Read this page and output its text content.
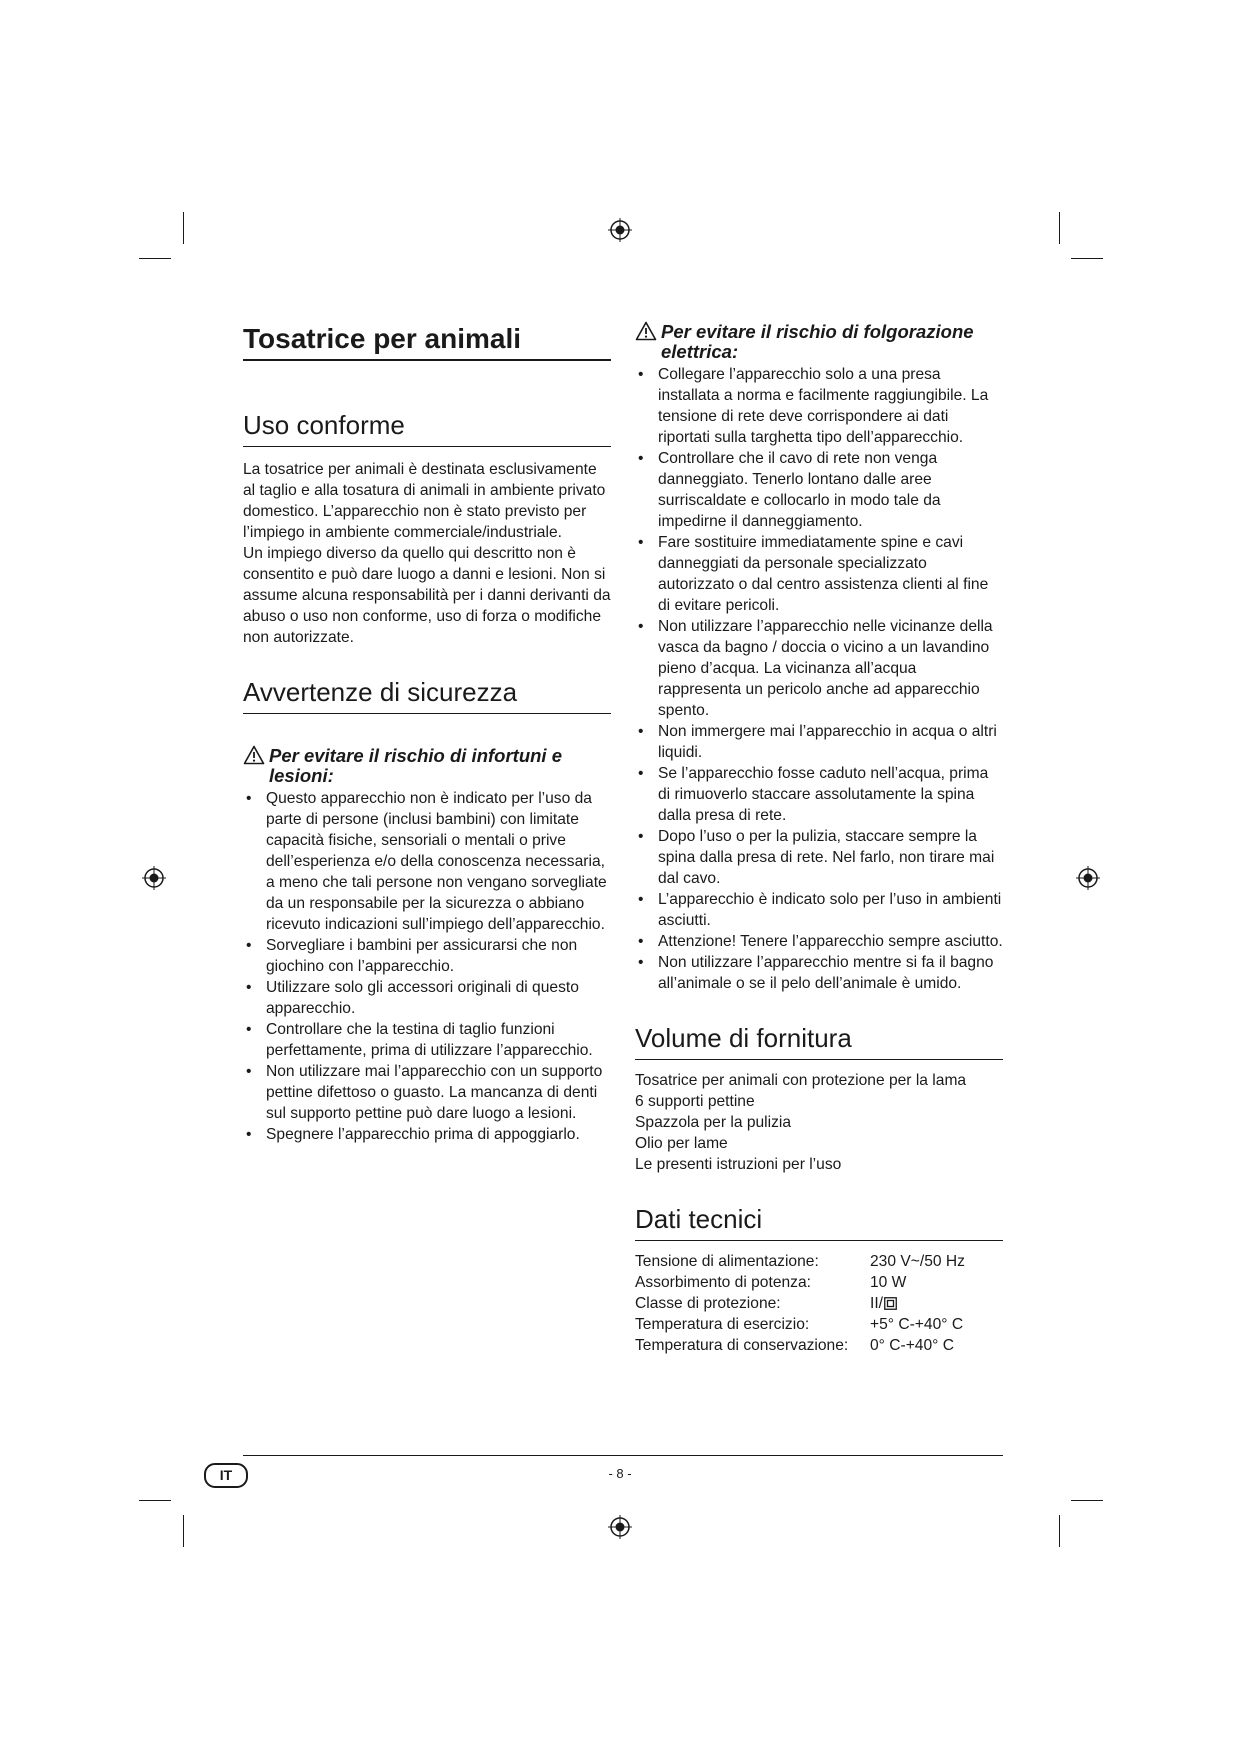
Tosatrice per animali
Uso conforme

La tosatrice per animali è destinata esclusivamente al taglio e alla tosatura di animali in ambiente privato domestico. L’apparecchio non è stato previsto per l’impiego in ambiente commerciale/industriale.

Un impiego diverso da quello qui descritto non è consentito e può dare luogo a danni e lesioni. Non si assume alcuna responsabilità per i danni derivanti da abuso o uso non conforme, uso di forza o modifiche non autorizzate.

Avvertenze di sicurezza
Per evitare il rischio di infortuni e lesioni:
• Questo apparecchio non è indicato per l’uso da parte di persone (inclusi bambini) con limitate capacità fisiche, sensoriali o mentali o prive dell’esperienza e/o della conoscenza necessaria, a meno che tali persone non vengano sorvegliate da un responsabile per la sicurezza o abbiano ricevuto indicazioni sull’impiego dell’apparecchio.
• Sorvegliare i bambini per assicurarsi che non giochino con l’apparecchio.
• Utilizzare solo gli accessori originali di questo apparecchio.
• Controllare che la testina di taglio funzioni perfettamente, prima di utilizzare l’apparecchio.
• Non utilizzare mai l’apparecchio con un supporto pettine difettoso o guasto. La mancanza di denti sul supporto pettine può dare luogo a lesioni.
• Spegnere l’apparecchio prima di appoggiarlo.
Per evitare il rischio di folgorazione elettrica:
• Collegare l’apparecchio solo a una presa installata a norma e facilmente raggiungibile. La tensione di rete deve corrispondere ai dati riportati sulla targhetta tipo dell’apparecchio.
• Controllare che il cavo di rete non venga danneggiato. Tenerlo lontano dalle aree surriscaldate e collocarlo in modo tale da impedirne il danneggiamento.
• Fare sostituire immediatamente spine e cavi danneggiati da personale specializzato autorizzato o dal centro assistenza clienti al fine di evitare pericoli.
• Non utilizzare l’apparecchio nelle vicinanze della vasca da bagno / doccia o vicino a un lavandino pieno d’acqua. La vicinanza all’acqua rappresenta un pericolo anche ad apparecchio spento.
• Non immergere mai l’apparecchio in acqua o altri liquidi.
• Se l’apparecchio fosse caduto nell’acqua, prima di rimuoverlo staccare assolutamente la spina dalla presa di rete.
• Dopo l’uso o per la pulizia, staccare sempre la spina dalla presa di rete. Nel farlo, non tirare mai dal cavo.
• L’apparecchio è indicato solo per l’uso in ambienti asciutti.
• Attenzione! Tenere l’apparecchio sempre asciutto.
• Non utilizzare l’apparecchio mentre si fa il bagno all’animale o se il pelo dell’animale è umido.
Volume di fornitura
Tosatrice per animali con protezione per la lama
6 supporti pettine
Spazzola per la pulizia
Olio per lame
Le presenti istruzioni per l’uso
Dati tecnici
Tensione di alimentazione:	230 V~/50 Hz
Assorbimento di potenza:	10 W
Classe di protezione:	II/
Temperatura di esercizio:	+5° C-+40° C
Temperatura di conservazione:	0° C-+40° C
IT	- 8 -
